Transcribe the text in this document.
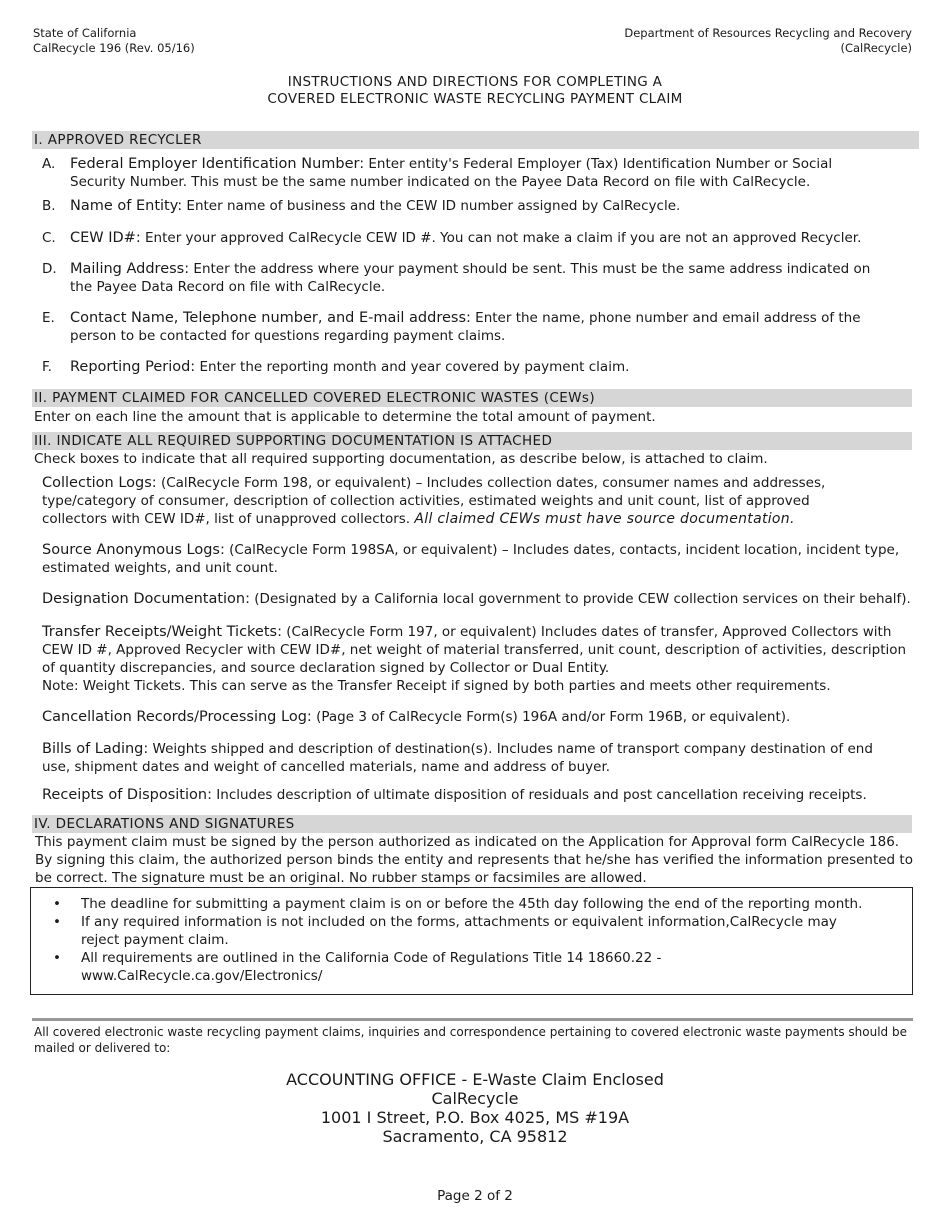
State of California
CalRecycle 196 (Rev. 05/16)
Department of Resources Recycling and Recovery
(CalRecycle)
INSTRUCTIONS AND DIRECTIONS FOR COMPLETING A
COVERED ELECTRONIC WASTE RECYCLING PAYMENT CLAIM
I. APPROVED RECYCLER
A. Federal Employer Identification Number: Enter entity's Federal Employer (Tax) Identification Number or Social Security Number. This must be the same number indicated on the Payee Data Record on file with CalRecycle.
B. Name of Entity: Enter name of business and the CEW ID number assigned by CalRecycle.
C. CEW ID#: Enter your approved CalRecycle CEW ID #. You can not make a claim if you are not an approved Recycler.
D. Mailing Address: Enter the address where your payment should be sent. This must be the same address indicated on the Payee Data Record on file with CalRecycle.
E. Contact Name, Telephone number, and E-mail address: Enter the name, phone number and email address of the person to be contacted for questions regarding payment claims.
F. Reporting Period: Enter the reporting month and year covered by payment claim.
II. PAYMENT CLAIMED FOR CANCELLED COVERED ELECTRONIC WASTES (CEWs)
Enter on each line the amount that is applicable to determine the total amount of payment.
III. INDICATE ALL REQUIRED SUPPORTING DOCUMENTATION IS ATTACHED
Check boxes to indicate that all required supporting documentation, as describe below, is attached to claim.
Collection Logs: (CalRecycle Form 198, or equivalent) – Includes collection dates, consumer names and addresses, type/category of consumer, description of collection activities, estimated weights and unit count, list of approved collectors with CEW ID#, list of unapproved collectors. All claimed CEWs must have source documentation.
Source Anonymous Logs: (CalRecycle Form 198SA, or equivalent) – Includes dates, contacts, incident location, incident type, estimated weights, and unit count.
Designation Documentation: (Designated by a California local government to provide CEW collection services on their behalf).
Transfer Receipts/Weight Tickets: (CalRecycle Form 197, or equivalent) Includes dates of transfer, Approved Collectors with CEW ID #, Approved Recycler with CEW ID#, net weight of material transferred, unit count, description of activities, description of quantity discrepancies, and source declaration signed by Collector or Dual Entity.
Note: Weight Tickets. This can serve as the Transfer Receipt if signed by both parties and meets other requirements.
Cancellation Records/Processing Log: (Page 3 of CalRecycle Form(s) 196A and/or Form 196B, or equivalent).
Bills of Lading: Weights shipped and description of destination(s). Includes name of transport company destination of end use, shipment dates and weight of cancelled materials, name and address of buyer.
Receipts of Disposition: Includes description of ultimate disposition of residuals and post cancellation receiving receipts.
IV. DECLARATIONS AND SIGNATURES
This payment claim must be signed by the person authorized as indicated on the Application for Approval form CalRecycle 186. By signing this claim, the authorized person binds the entity and represents that he/she has verified the information presented to be correct. The signature must be an original. No rubber stamps or facsimiles are allowed.
• The deadline for submitting a payment claim is on or before the 45th day following the end of the reporting month.
• If any required information is not included on the forms, attachments or equivalent information,CalRecycle may reject payment claim.
• All requirements are outlined in the California Code of Regulations Title 14 18660.22 - www.CalRecycle.ca.gov/Electronics/
All covered electronic waste recycling payment claims, inquiries and correspondence pertaining to covered electronic waste payments should be mailed or delivered to:
ACCOUNTING OFFICE - E-Waste Claim Enclosed
CalRecycle
1001 I Street, P.O. Box 4025, MS #19A
Sacramento, CA 95812
Page 2 of 2
